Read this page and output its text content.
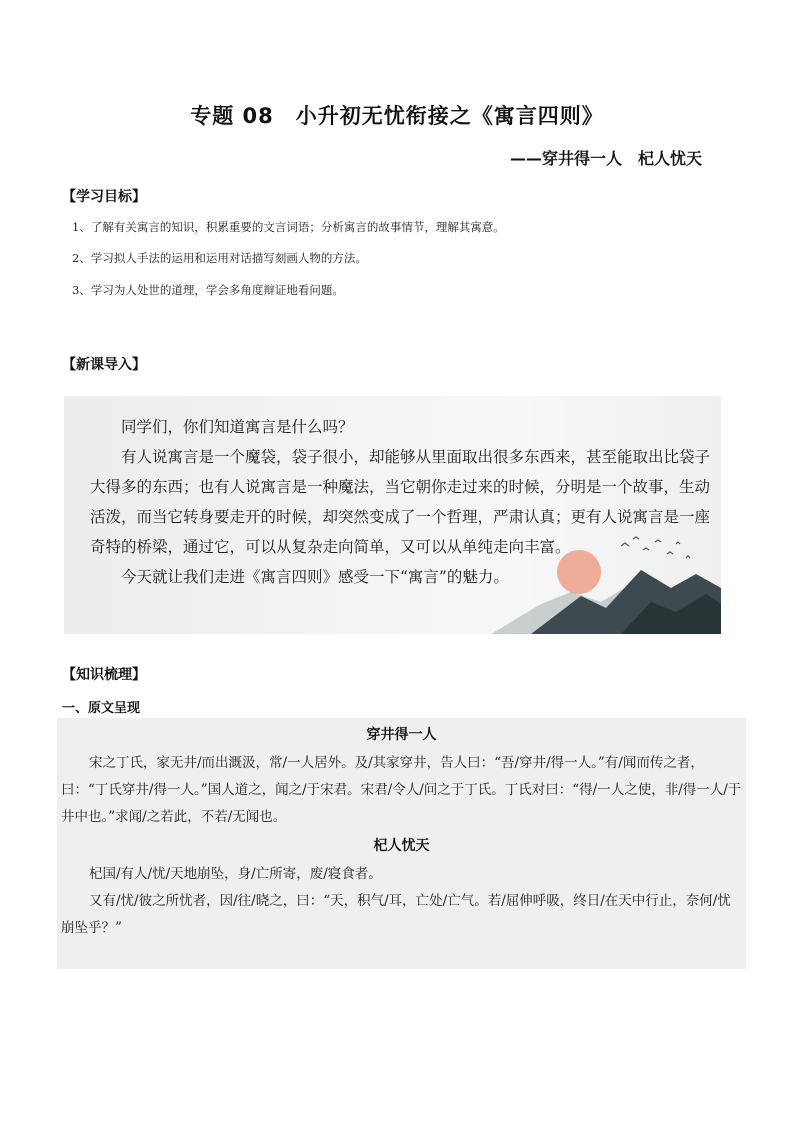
专题 08　小升初无忧衔接之《寓言四则》
——穿井得一人　杞人忧天
【学习目标】
1、了解有关寓言的知识，积累重要的文言词语；分析寓言的故事情节，理解其寓意。
2、学习拟人手法的运用和运用对话描写刻画人物的方法。
3、学习为人处世的道理，学会多角度辩证地看问题。
【新课导入】

同学们，你们知道寓言是什么吗？

有人说寓言是一个魔袋，袋子很小，却能够从里面取出很多东西来，甚至能取出比袋子大得多的东西；也有人说寓言是一种魔法，当它朝你走过来的时候，分明是一个故事，生动活泼，而当它转身要走开的时候，却突然变成了一个哲理，严肃认真；更有人说寓言是一座奇特的桥梁，通过它，可以从复杂走向简单，又可以从单纯走向丰富。

今天就让我们走进《寓言四则》感受一下“寓言”的魅力。

【知识梳理】
一、原文呈现
穿井得一人

宋之丁氏，家无井/而出溉汲，常/一人居外。及/其家穿井，告人曰：“吾/穿井/得一人。”有/闻而传之者，曰：“丁氏穿井/得一人。”国人道之，闻之/于宋君。宋君/令人/问之于丁氏。丁氏对曰：“得/一人之使，非/得一人/于井中也。”求闻/之若此，不若/无闻也。

杞人忧天

杞国/有人/忧/天地崩坠，身/亡所寄，废/寝食者。

又有/忧/彼之所忧者，因/往/晓之，曰：“天，积气/耳，亡处/亡气。若/屈伸呼吸，终日/在天中行止，奈何/忧崩坠乎？”
